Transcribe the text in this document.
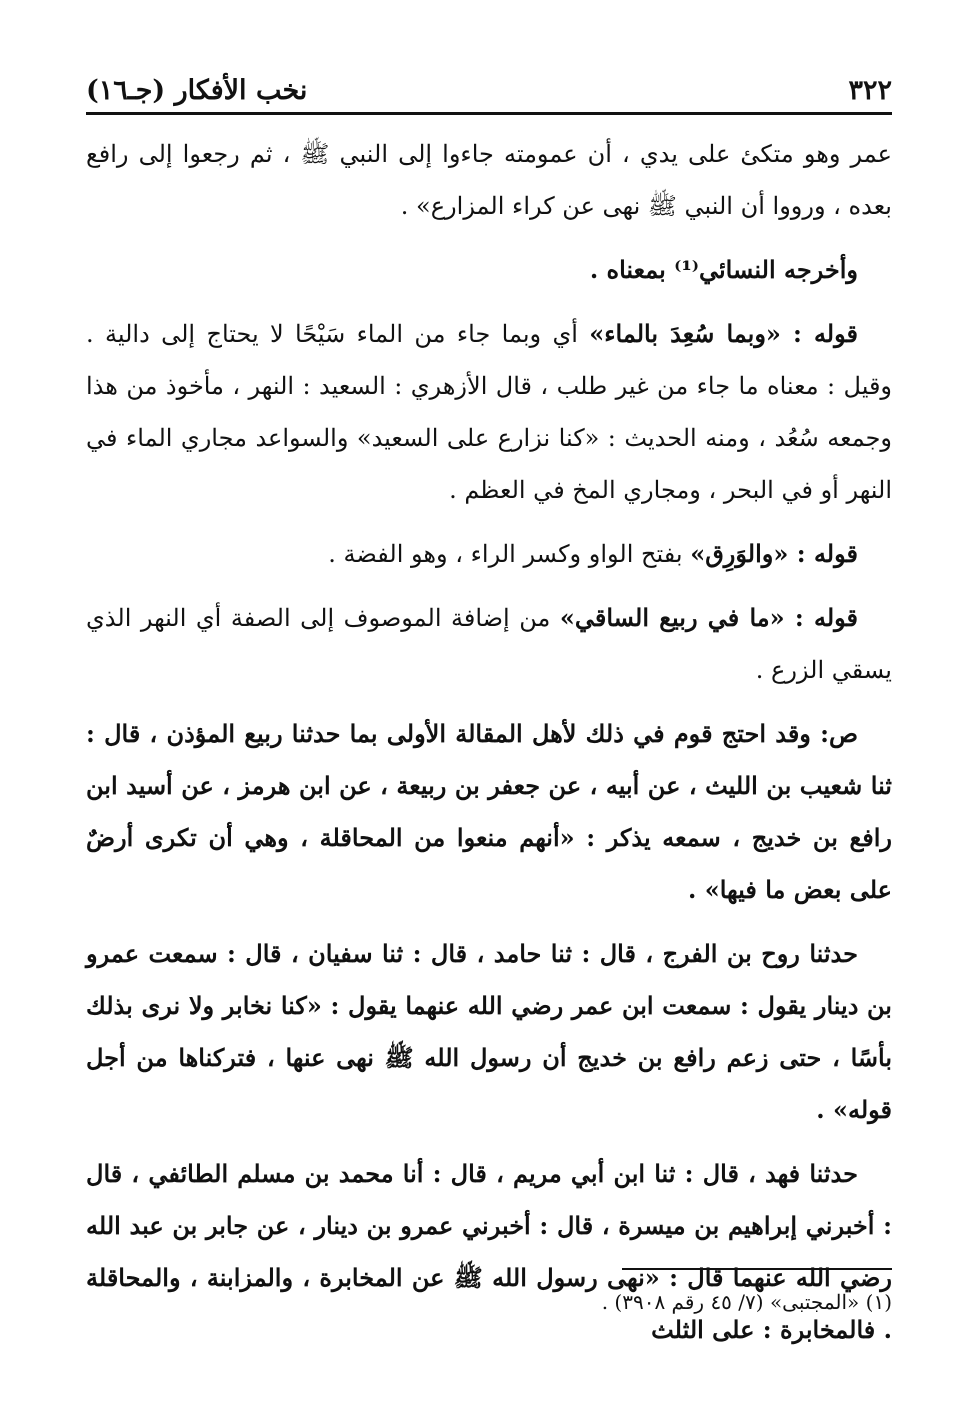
٣٢٢
نخب الأفكار (جـ١٦)

عمر وهو متكئ على يدي ، أن عمومته جاءوا إلى النبي ﷺ ، ثم رجعوا إلى رافع بعده ، ورووا أن النبي ﷺ نهى عن كراء المزارع» .

وأخرجه النسائي⁽¹⁾ بمعناه .

قوله : «وبما سُعِدَ بالماء» أي وبما جاء من الماء سَيْحًا لا يحتاج إلى دالية . وقيل : معناه ما جاء من غير طلب ، قال الأزهري : السعيد : النهر ، مأخوذ من هذا وجمعه سُعُد ، ومنه الحديث : «كنا نزارع على السعيد» والسواعد مجاري الماء في النهر أو في البحر ، ومجاري المخ في العظم .

قوله : «والوَرِق» بفتح الواو وكسر الراء ، وهو الفضة .

قوله : «ما في ربيع الساقي» من إضافة الموصوف إلى الصفة أي النهر الذي يسقي الزرع .

ص: وقد احتج قوم في ذلك لأهل المقالة الأولى بما حدثنا ربيع المؤذن ، قال : ثنا شعيب بن الليث ، عن أبيه ، عن جعفر بن ربيعة ، عن ابن هرمز ، عن أسيد ابن رافع بن خديج ، سمعه يذكر : «أنهم منعوا من المحاقلة ، وهي أن تكرى أرضٌ على بعض ما فيها» .

حدثنا روح بن الفرج ، قال : ثنا حامد ، قال : ثنا سفيان ، قال : سمعت عمرو بن دينار يقول : سمعت ابن عمر رضي الله عنهما يقول : «كنا نخابر ولا نرى بذلك بأسًا ، حتى زعم رافع بن خديج أن رسول الله ﷺ نهى عنها ، فتركناها من أجل قوله» .

حدثنا فهد ، قال : ثنا ابن أبي مريم ، قال : أنا محمد بن مسلم الطائفي ، قال : أخبرني إبراهيم بن ميسرة ، قال : أخبرني عمرو بن دينار ، عن جابر بن عبد الله رضي الله عنهما قال : «نهى رسول الله ﷺ عن المخابرة ، والمزابنة ، والمحاقلة . فالمخابرة : على الثلث

(١) «المجتبى» (٧/ ٤٥ رقم ٣٩٠٨) .
